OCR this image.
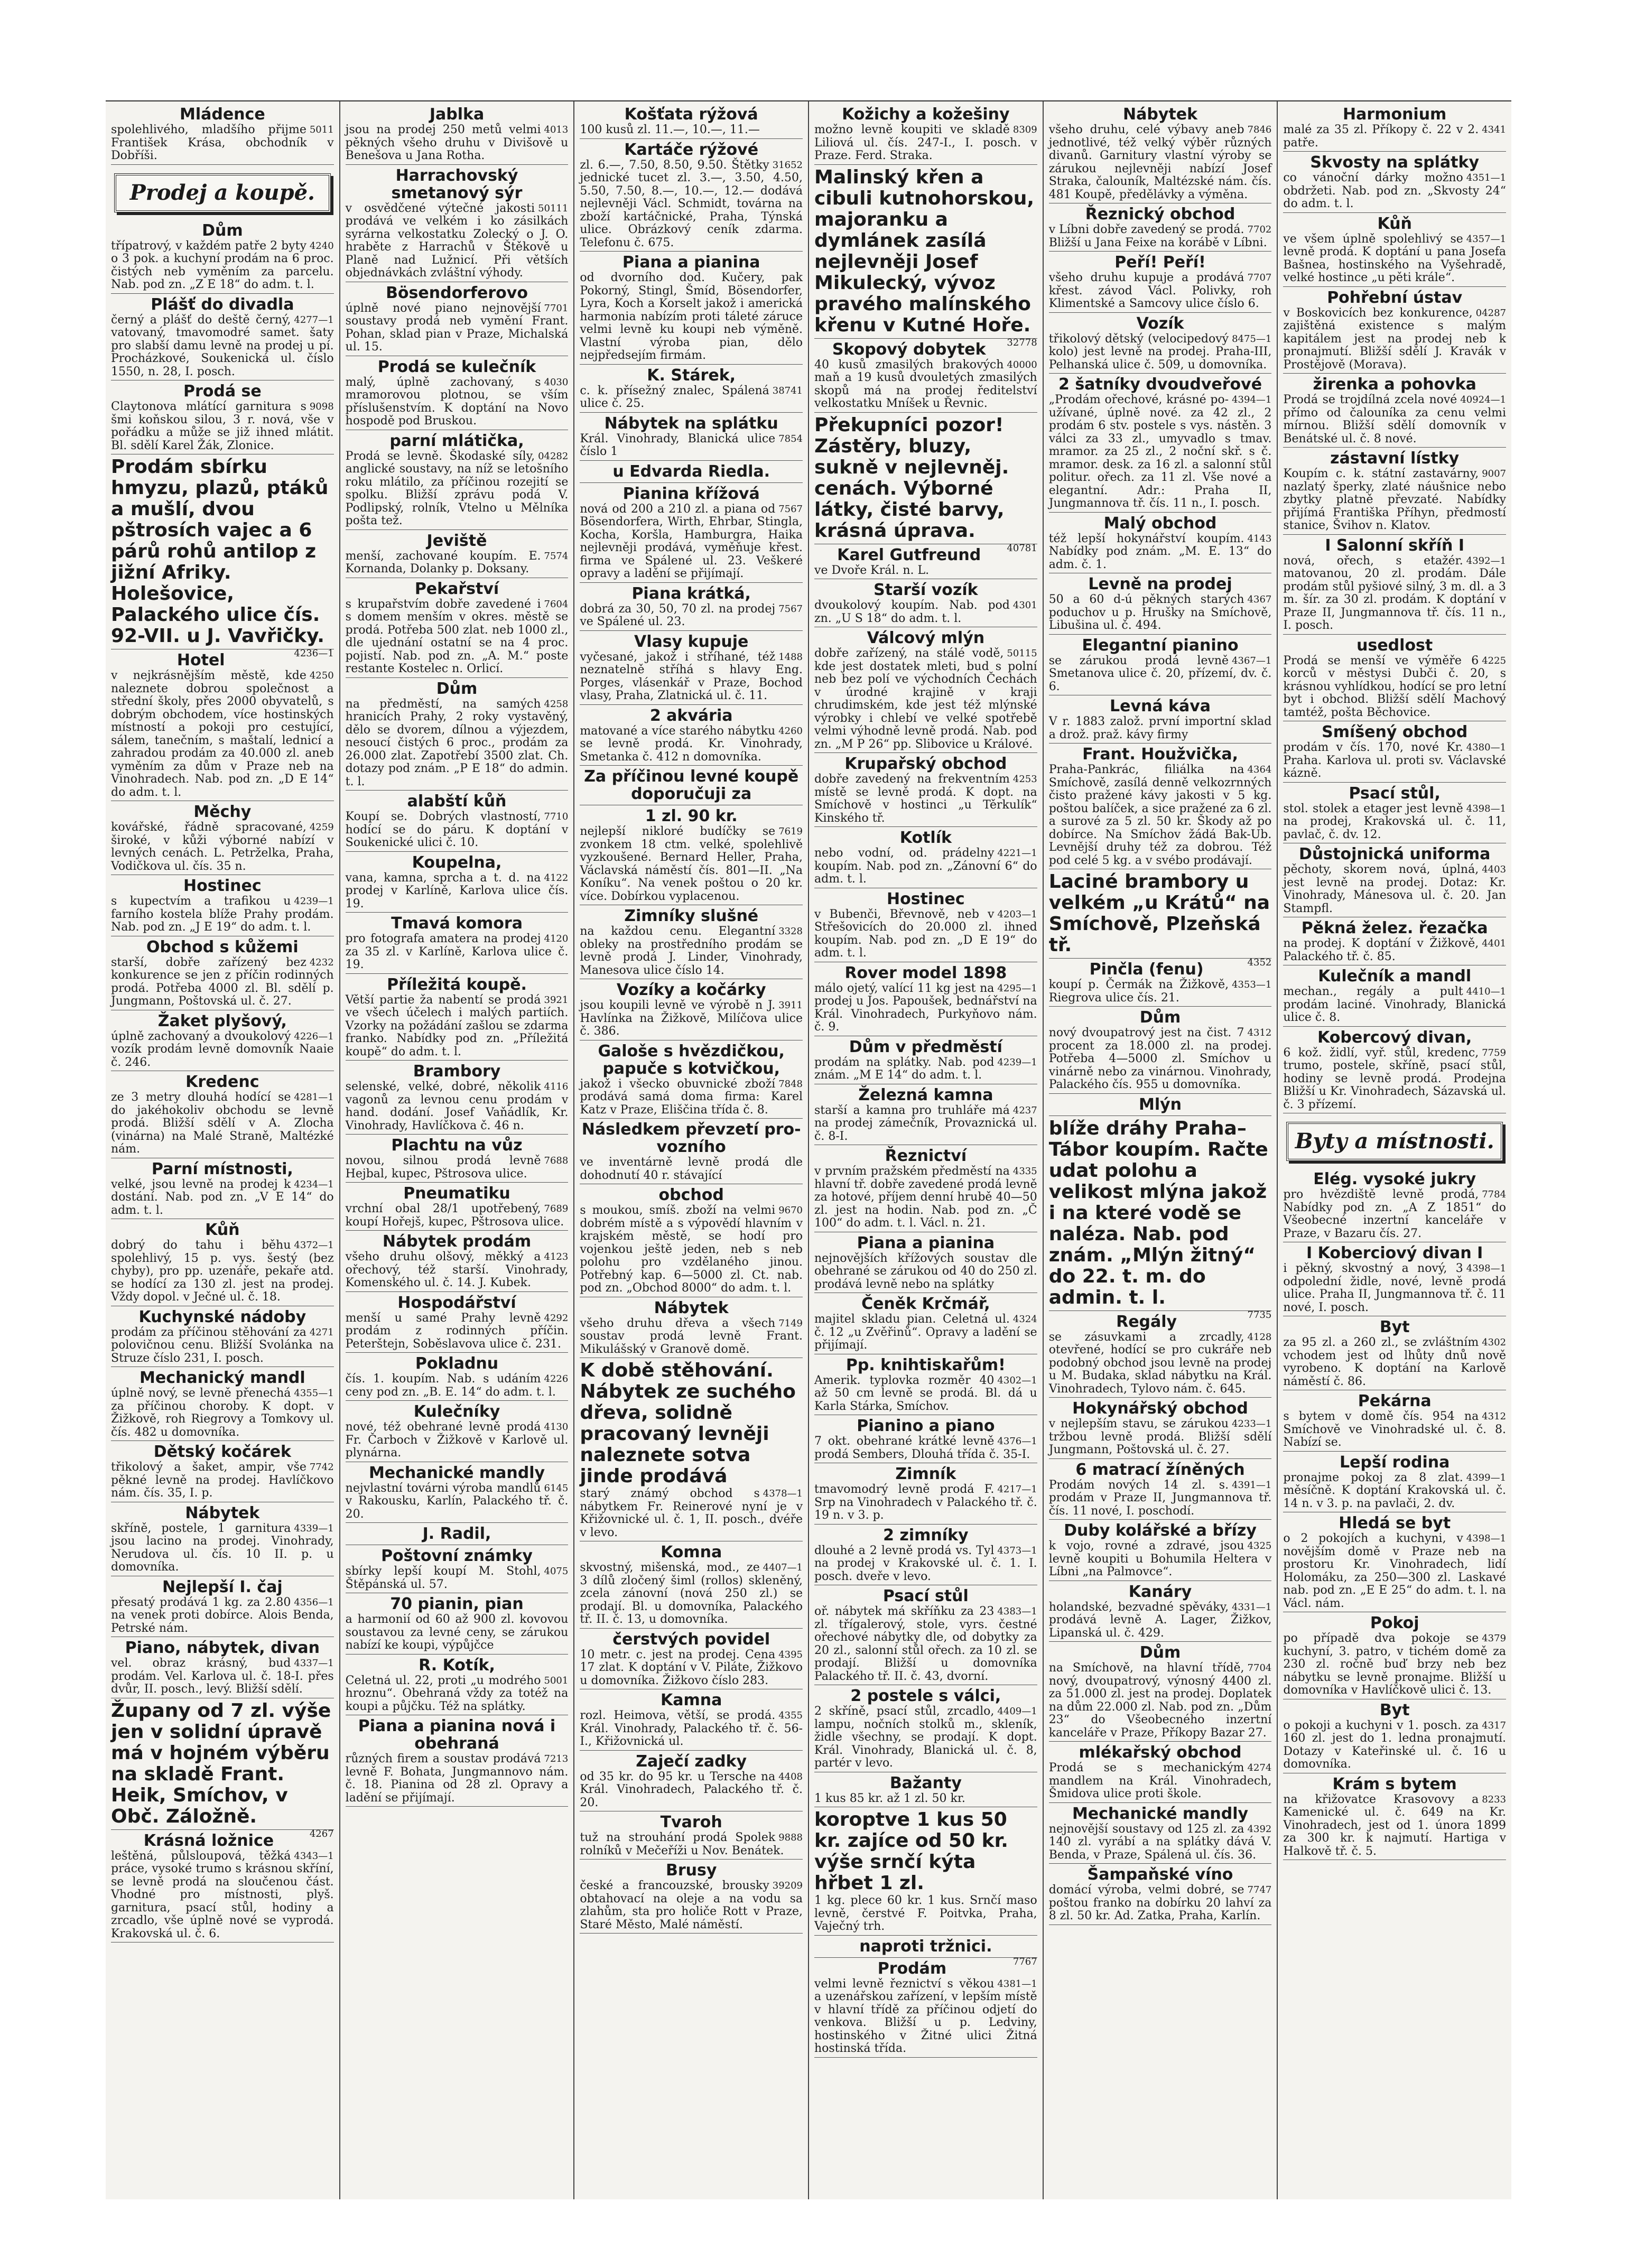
Mládence
5011
spolehlivého, mladšího přijme František Krása, obchodník v Dobříši.
Prodej a koupě.
Dům
4240
třípatrový, v každém patře 2 byty o 3 pok. a kuchyní prodám na 6 proc. čistých neb vyměním za parcelu. Nab. pod zn. „Z E 18“ do adm. t. l.
Plášť do divadla
4277—1
černý a plášť do deště černý, vatovaný, tmavomodré samet. šaty pro slabší damu levně na prodej u pí. Procházkové, Soukenická ul. číslo 1550, n. 28, I. posch.
Prodá se
9098
Claytonova mlátící garnitura s šmi koňskou silou, 3 r. nová, vše v pořádku a může se již ihned mlátit. Bl. sdělí Karel Žák, Zlonice.
Prodám sbírku hmyzu, plazů, ptáků a mušlí, dvou pštrosích vajec a 6 párů rohů antilop z jižní Afriky. Holešovice, Palackého ulice čís. 92-VII. u J. Vavřičky.
4236—1
Hotel
4250
v nejkrásnějším městě, kde naleznete dobrou společnost a střední školy, přes 2000 obyvatelů, s dobrým obchodem, více hostinských místností a pokoji pro cestující, sálem, tanečním, s maštalí, lednicí a zahradou prodám za 40.000 zl. aneb vyměním za dům v Praze neb na Vinohradech. Nab. pod zn. „D E 14“ do adm. t. l.
Měchy
4259
kovářské, řádně spracované, široké, v kůži výborné nabízí v levných cenách. L. Petrželka, Praha, Vodičkova ul. čís. 35 n.
Hostinec
4239—1
s kupectvím a trafikou u farního kostela blíže Prahy prodám. Nab. pod zn. „J E 19“ do adm. t. l.
Obchod s kůžemi
4232
starší, dobře zařízený bez konkurence se jen z příčin rodinných prodá. Potřeba 4000 zl. Bl. sdělí p. Jungmann, Poštovská ul. č. 27.
Žaket plyšový,
4226—1
úplně zachovaný a dvoukolový vozík prodám levně domovník Naaie č. 246.
Kredenc
4281—1
ze 3 metry dlouhá hodící se do jakéhokoliv obchodu se levně prodá. Bližší sdělí v A. Zlocha (vinárna) na Malé Straně, Maltézké nám.
Parní místnosti,
4234—1
velké, jsou levně na prodej k dostání. Nab. pod zn. „V E 14“ do adm. t. l.
Kůň
4372—1
dobrý do tahu i běhu spolehlivý, 15 p. vys. šestý (bez chyby), pro pp. uzenáře, pekaře atd. se hodící za 130 zl. jest na prodej. Vždy dopol. v Ječné ul. č. 18.
Kuchynské nádoby
4271
prodám za příčinou stěhování za polovičnou cenu. Bližší Svolánka na Struze číslo 231, I. posch.
Mechanický mandl
4355—1
úplně nový, se levně přenechá za příčinou choroby. K dopt. v Žižkově, roh Riegrovy a Tomkovy ul. čís. 482 u domovníka.
Dětský kočárek
7742
třikolový a šaket, ampir, vše pěkné levně na prodej. Havlíčkovo nám. čís. 35, I. p.
Nábytek
4339—1
skříně, postele, 1 garnitura jsou lacino na prodej. Vinohrady, Nerudova ul. čís. 10 II. p. u domovníka.
Nejlepší I. čaj
4356—1
přesatý prodává 1 kg. za 2.80 na venek proti dobírce. Alois Benda, Petrské nám.
Piano, nábytek, divan
4337—1
vel. obraz krásný, bud prodám. Vel. Karlova ul. č. 18-I. přes dvůr, II. posch., levý. Bližší sdělí.
Župany od 7 zl. výše jen v solidní úpravě má v hojném výběru na skladě Frant. Heik, Smíchov, v Obč. Záložně.
4267
Krásná ložnice
4343—1
leštěná, půlsloupová, těžká práce, vysoké trumo s krásnou skříní, se levně prodá na sloučenou část. Vhodné pro místnosti, plyš. garnitura, psací stůl, hodiny a zrcadlo, vše úplně nové se vyprodá. Krakovská ul. č. 6.
Jablka
4013
jsou na prodej 250 metů velmi pěkných všeho druhu v Divišově u Benešova u Jana Rotha.
Harrachovský smetanový sýr
50111
v osvědčené výtečné jakosti prodává ve velkém i ko zásilkách syrárna velkostatku Zolecký o J. O. hraběte z Harrachů v Štěkově u Planě nad Lužnicí. Při větších objednávkách zvláštní výhody.
Bösendorferovo
7701
úplně nové piano nejnovější soustavy prodá neb vymění Frant. Pohan, sklad pian v Praze, Michalská ul. 15.
Prodá se kulečník
4030
malý, úplně zachovaný, s mramorovou plotnou, se vším příslušenstvím. K doptání na Novo hospodě pod Bruskou.
parní mlátička,
04282
Prodá se levně. Škodaské síly, anglické soustavy, na níž se letošního roku mlátilo, za příčinou rozejití se spolku. Bližší zprávu podá V. Podlipský, rolník, Vtelno u Mělníka pošta tež.
Jeviště
7574
menší, zachované koupím. E. Kornanda, Dolanky p. Doksany.
Pekařství
7604
s krupařstvím dobře zavedené i s domem menším v okres. městě se prodá. Potřeba 500 zlat. neb 1000 zl., dle ujednání ostatní se na 4 proc. pojistí. Nab. pod zn. „A. M.“ poste restante Kostelec n. Orlicí.
Dům
4258
na předměstí, na samých hranicích Prahy, 2 roky vystavěný, dělo se dvorem, dílnou a výjezdem, nesoucí čistých 6 proc., prodám za 26.000 zlat. Zapotřebí 3500 zlat. Ch. dotazy pod znám. „P E 18“ do admin. t. l.
alabští kůň
7710
Koupí se. Dobrých vlastností, hodící se do páru. K doptání v Soukenické ulici č. 10.
Koupelna,
4122
vana, kamna, sprcha a t. d. na prodej v Karlíně, Karlova ulice čís. 19.
Tmavá komora
4120
pro fotografa amatera na prodej za 35 zl. v Karlíně, Karlova ulice č. 19.
Příležitá koupě.
3921
Větší partie ža nabentí se prodá ve všech účelech i malých partiích. Vzorky na požádání zašlou se zdarma franko. Nabídky pod zn. „Příležitá koupě“ do adm. t. l.
Brambory
4116
selenské, velké, dobré, několik vagonů za levnou cenu prodám v hand. dodání. Josef Vaňádlík, Kr. Vinohrady, Havlíčkova č. 46 n.
Plachtu na vůz
7688
novou, silnou prodá levně Hejbal, kupec, Pštrosova ulice.
Pneumatiku
7689
vrchní obal 28/1 upotřebený, koupí Hořejš, kupec, Pštrosova ulice.
Nábytek prodám
4123
všeho druhu olšový, měkký a ořechový, též starší. Vinohrady, Komenského ul. č. 14. J. Kubek.
Hospodářství
4292
menší u samé Prahy levně prodám z rodinných příčin. Peterštejn, Soběslavova ulice č. 231.
Pokladnu
4226
čís. 1. koupím. Nab. s udáním ceny pod zn. „B. E. 14“ do adm. t. l.
Kulečníky
4130
nové, též obehrané levně prodá Fr. Čarboch v Žižkově v Karlově ul. plynárna.
Mechanické mandly
6145
nejvlastní továrni výroba mandlů v Rakousku, Karlín, Palackého tř. č. 20.
J. Radil,
Poštovní známky
4075
sbírky lepší koupí M. Stohl, Štěpánská ul. 57.
70 pianin, pian
a harmonií od 60 až 900 zl. kovovou soustavou za levné ceny, se zárukou nabízí ke koupi, výpůjčce
R. Kotík,
5001
Celetná ul. 22, proti „u modrého hroznu“. Obehraná vždy za totéž na koupi a půjčku. Též na splátky.
Piana a pianina nová i obehraná
7213
různých firem a soustav prodává levně F. Bohata, Jungmannovo nám. č. 18. Pianina od 28 zl. Opravy a ladění se přijímají.
Košťata rýžová
100 kusů zl. 11.—, 10.—, 11.—
Kartáče rýžové
31652
zl. 6.—, 7.50, 8.50, 9.50. Štětky jednické tucet zl. 3.—, 3.50, 4.50, 5.50, 7.50, 8.—, 10.—, 12.— dodává nejlevněji Václ. Schmidt, továrna na zboží kartáčnické, Praha, Týnská ulice. Obrázkový ceník zdarma. Telefonu č. 675.
Piana a pianina
od dvorního dod. Kučery, pak Pokorný, Stingl, Šmíd, Bösendorfer, Lyra, Koch a Korselt jakož i americká harmonia nabízím proti táleté záruce velmi levně ku koupi neb výměně. Vlastní výroba pian, dělo nejpředsejím firmám.
K. Stárek,
38741
c. k. přísežný znalec, Spálená ulice č. 25.
Nábytek na splátku
7854
Král. Vinohrady, Blanická ulice číslo 1
u Edvarda Riedla.
Pianina křížová
7567
nová od 200 a 210 zl. a piana od Bösendorfera, Wirth, Ehrbar, Stingla, Kocha, Koršla, Hamburgra, Haika nejlevněji prodává, vyměňuje křest. firma ve Spálené ul. 23. Veškeré opravy a ladění se přijímají.
Piana krátká,
7567
dobrá za 30, 50, 70 zl. na prodej ve Spálené ul. 23.
Vlasy kupuje
1488
vyčesané, jakož i stříhané, též neznatelně stříhá s hlavy Eng. Porges, vlásenkář v Praze, Bochod vlasy, Praha, Zlatnická ul. č. 11.
2 akvária
4260
matované a více starého nábytku se levně prodá. Kr. Vinohrady, Smetanka č. 412 n domovníka.
Za příčinou levné koupě doporučuji za
1 zl. 90 kr.
7619
nejlepší nikloré budíčky se zvonkem 18 ctm. velké, spolehlivě vyzkoušené. Bernard Heller, Praha, Václavská náměstí čís. 801—II. „Na Koníku“. Na venek poštou o 20 kr. více. Dobírkou vyplacenou.
Zimníky slušné
3328
na každou cenu. Elegantní obleky na prostředního prodám se levně prodá J. Linder, Vinohrady, Manesova ulice číslo 14.
Vozíky a kočárky
3911
jsou koupili levně ve výrobě n J. Havlínka na Žižkově, Milíčova ulice č. 386.
Galoše s hvězdičkou, papuče s kotvičkou,
7848
jakož i všecko obuvnické zboží prodává samá doma firma: Karel Katz v Praze, Eliščina třída č. 8.
Následkem převzetí provozního
ve inventárně levně prodá dle dohodnutí 40 r. stávající
obchod
9670
s moukou, smíš. zboží na velmi dobrém místě a s výpovědí hlavním v krajském městě, se hodí pro vojenkou ještě jeden, neb s neb polohu pro vzdělaného jinou. Potřebný kap. 6—5000 zl. Ct. nab. pod zn. „Obchod 8000“ do adm. t. l.
Nábytek
7149
všeho druhu dřeva a všech soustav prodá levně Frant. Mikulášský v Granově domě.
K době stěhování. Nábytek ze suchého dřeva, solidně pracovaný levněji naleznete sotva jinde prodává
4378—1
starý známý obchod s nábytkem Fr. Reinerové nyní je v Křižovnické ul. č. 1, II. posch., dvéře v levo.
Komna
4407—1
skvostný, mišenská, mod., ze 3 dílů zločený šiml (rollos) skleněný, zcela zánovní (nová 250 zl.) se prodají. Bl. u domovníka, Palackého tř. II. č. 13, u domovníka.
čerstvých povidel
4395
10 metr. c. jest na prodej. Cena 17 zlat. K doptání v V. Piláte, Žižkovo u domovníka. Žižkovo číslo 283.
Kamna
4355
rozl. Heimova, větší, se prodá. Král. Vinohrady, Palackého tř. č. 56-I., Křižovnická ul.
Zaječí zadky
4408
od 35 kr. do 95 kr. u Tersche na Král. Vinohradech, Palackého tř. č. 20.
Tvaroh
9888
tuž na strouhání prodá Spolek rolníků v Mečeříži u Nov. Benátek.
Brusy
39209
české a francouzské, brousky obtahovací na oleje a na vodu sa zlahům, sta pro holiče Rott v Praze, Staré Město, Malé náměstí.
Kožichy a kožešiny
8309
možno levně koupiti ve skladě Liliová ul. čís. 247-I., I. posch. v Praze. Ferd. Straka.
Malinský křen a cibuli kutnohorskou, majoranku a dymlánek zasílá nejlevněji Josef Mikulecký, vývoz pravého malínského křenu v Kutné Hoře.
32778
Skopový dobytek
40000
40 kusů zmasilých brakových maň a 19 kusů dvouletých zmasilých skopů má na prodej ředitelství velkostatku Mníšek u Řevnic.
Překupníci pozor! Zástěry, bluzy, sukně v nejlevněj. cenách. Výborné látky, čisté barvy, krásná úprava.
40781
Karel Gutfreund
ve Dvoře Král. n. L.
Starší vozík
4301
dvoukolový koupím. Nab. pod zn. „U S 18“ do adm. t. l.
Válcový mlýn
50115
dobře zařízený, na stálé vodě, kde jest dostatek mleti, bud s polní neb bez polí ve východních Čechách v úrodné krajině v kraji chrudimském, kde jest též mlýnské výrobky i chlebí ve velké spotřebě velmi výhodně levně prodá. Nab. pod zn. „M P 26“ pp. Slibovice u Králové.
Krupařský obchod
4253
dobře zavedený na frekventním místě se levně prodá. K dopt. na Smíchově v hostinci „u Těrkulík“ Kinského tř.
Kotlík
4221—1
nebo vodní, od. prádelny koupím. Nab. pod zn. „Zánovní 6“ do adm. t. l.
Hostinec
4203—1
v Bubenči, Břevnově, neb v Střešovicích do 20.000 zl. ihned koupím. Nab. pod zn. „D E 19“ do adm. t. l.
Rover model 1898
4295—1
málo ojetý, valící 11 kg jest na prodej u Jos. Papoušek, bednářství na Král. Vinohradech, Purkyňovo nám. č. 9.
Dům v předměstí
4239—1
prodám na splátky. Nab. pod znám. „M E 14“ do adm. t. l.
Železná kamna
4237
starší a kamna pro truhláře má na prodej zámečník, Provaznická ul. č. 8-I.
Řeznictví
4335
v prvním pražském předměstí na hlavní tř. dobře zavedené prodá levně za hotové, příjem denní hrubě 40—50 zl. jest na hodin. Nab. pod zn. „Č 100“ do adm. t. l. Václ. n. 21.
Piana a pianina
nejnovějších křížových soustav dle obehrané se zárukou od 40 do 250 zl. prodává levně nebo na splátky
Čeněk Krčmář,
4324
majitel skladu pian. Celetná ul. č. 12 „u Zvěřinů“. Opravy a ladění se přijímají.
Pp. knihtiskařům!
4302—1
Amerik. typlovka rozměr 40 až 50 cm levně se prodá. Bl. dá u Karla Stárka, Smíchov.
Pianino a piano
4376—1
7 okt. obehrané krátké levně prodá Sembers, Dlouhá třída č. 35-I.
Zimník
4217—1
tmavomodrý levně prodá F. Srp na Vinohradech v Palackého tř. č. 19 n. v 3. p.
2 zimníky
4373—1
dlouhé a 2 levně prodá vs. Tyl na prodej v Krakovské ul. č. 1. I. posch. dveře v levo.
Psací stůl
4383—1
oř. nábytek má skříňku za 23 zl. třígalerový, stole, vyrs. čestné ořechové nábytky dle, od dobytky za 20 zl., salonní stůl ořech. za 10 zl. se prodají. Bližší u domovníka Palackého tř. II. č. 43, dvorní.
2 postele s válci,
4409—1
2 skříně, psací stůl, zrcadlo, lampu, nočních stolků m., skleník, židle všechny, se prodají. K dopt. Král. Vinohrady, Blanická ul. č. 8, partér v levo.
Bažanty
1 kus 85 kr. až 1 zl. 50 kr.
koroptve 1 kus 50 kr. zajíce od 50 kr. výše srnčí kýta hřbet 1 zl.
1 kg. plece 60 kr. 1 kus. Srnčí maso levně, čerstvé F. Poitvka, Praha, Vaječný trh.
naproti tržnici.
7767
Prodám
4381—1
velmi levně řeznictví s věkou a uzenářskou zařízení, v lepším místě v hlavní třídě za příčinou odjetí do venkova. Bližší u p. Ledviny, hostinského v Žitné ulici Žitná hostinská třída.
Nábytek
7846
všeho druhu, celé výbavy aneb jednotlivé, též velký výběr různých divanů. Garnitury vlastní výroby se zárukou nejlevněji nabízí Josef Straka, čalouník, Maltézské nám. čís. 481 Koupě, předělávky a výměna.
Řeznický obchod
7702
v Líbni dobře zavedený se prodá. Bližší u Jana Feixe na korábě v Líbni.
Peří! Peří!
7707
všeho druhu kupuje a prodává křest. závod Václ. Polivky, roh Klimentské a Samcovy ulice číslo 6.
Vozík
8475—1
třikolový dětský (velocipedový kolo) jest levně na prodej. Praha-III, Pelhanská ulice č. 509, u domovníka.
2 šatníky dvoudveřové
4394—1
„Prodám ořechové, krásné používané, úplně nové. za 42 zl., 2 prodám 6 stv. postele s vys. nástěn. 3 válci za 33 zl., umyvadlo s tmav. mramor. za 25 zl., 2 noční skř. s č. mramor. desk. za 16 zl. a salonní stůl politur. ořech. za 11 zl. Vše nové a elegantní. Adr.: Praha II, Jungmannova tř. čís. 11 n., I. posch.
Malý obchod
4143
též lepší hokynářství koupím. Nabídky pod znám. „M. E. 13“ do adm. č. 1.
Levně na prodej
4367
50 a 60 d-ú pěkných starých poduchov u p. Hrušky na Smíchově, Libušina ul. č. 494.
Elegantní pianino
4367—1
se zárukou prodá levně Smetanova ulice č. 20, přízemí, dv. č. 6.
Levná káva
V r. 1883 založ. první importní sklad a drož. praž. kávy firmy
Frant. Houžvička,
4364
Praha-Pankrác, filiálka na Smíchově, zasílá denně velkozrnných čisto pražené kávy jakosti v 5 kg. poštou balíček, a sice pražené za 6 zl. a surové za 5 zl. 50 kr. Škody až po dobírce. Na Smíchov žádá Bak-Ub. Levnější druhy též za dobrou. Též pod celé 5 kg. a v svébo prodávají.
Laciné brambory u velkém „u Krátů“ na Smíchově, Plzeňská tř.
4352
Pinčla (fenu)
4353—1
koupí p. Čermák na Žižkově, Riegrova ulice čís. 21.
Dům
4312
nový dvoupatrový jest na čist. 7 procent za 18.000 zl. na prodej. Potřeba 4—5000 zl. Smíchov u vinárně nebo za vinárnou. Vinohrady, Palackého čís. 955 u domovníka.
Mlýn
blíže dráhy Praha–Tábor koupím. Račte udat polohu a velikost mlýna jakož i na které vodě se naléza. Nab. pod znám. „Mlýn žitný“ do 22. t. m. do admin. t. l.
7735
Regály
4128
se zásuvkami a zrcadly, otevřené, hodící se pro cukráře neb podobný obchod jsou levně na prodej u M. Budaka, sklad nábytku na Král. Vinohradech, Tylovo nám. č. 645.
Hokynářský obchod
4233—1
v nejlepším stavu, se zárukou tržbou levně prodá. Bližší sdělí Jungmann, Poštovská ul. č. 27.
6 matrací žíněných
4391—1
Prodám nových 14 zl. s. prodám v Praze II, Jungmannova tř. čís. 11 nové, I. poschodí.
Duby kolářské a břízy
4325
k vojo, rovné a zdravé, jsou levně koupiti u Bohumila Heltera v Líbni „na Palmovce“.
Kanáry
4331—1
holandské, bezvadné spěváky, prodává levně A. Lager, Žižkov, Lipanská ul. č. 429.
Dům
7704
na Smíchově, na hlavní třídě, nový, dvoupatrový, výnosný 4400 zl. za 51.000 zl. jest na prodej. Doplatek na dům 22.000 zl. Nab. pod zn. „Dům 23“ do Všeobecného inzertní kanceláře v Praze, Příkopy Bazar 27.
mlékařský obchod
4274
Prodá se s mechanickým mandlem na Král. Vinohradech, Šmidova ulice proti škole.
Mechanické mandly
4392
nejnovější soustavy od 125 zl. za 140 zl. vyrábí a na splátky dává V. Benda, v Praze, Spálená ul. čís. 36.
Šampaňské víno
7747
domácí výroba, velmi dobré, se poštou franko na dobírku 20 lahví za 8 zl. 50 kr. Ad. Zatka, Praha, Karlín.
Harmonium
4341
malé za 35 zl. Příkopy č. 22 v 2. patře.
Skvosty na splátky
4351—1
co vánoční dárky možno obdržeti. Nab. pod zn. „Skvosty 24“ do adm. t. l.
Kůň
4357—1
ve všem úplně spolehlivý se levně prodá. K doptání u pana Josefa Bašnea, hostinského na Vyšehradě, velké hostince „u pěti krále“.
Pohřební ústav
04287
v Boskovicích bez konkurence, zajištěná existence s malým kapitálem jest na prodej neb k pronajmutí. Bližší sdělí J. Kravák v Prostějově (Morava).
žirenka a pohovka
40924—1
Prodá se trojdílná zcela nové přímo od čalouníka za cenu velmi mírnou. Bližší sdělí domovník v Benátské ul. č. 8 nové.
zástavní lístky
9007
Koupím c. k. státní zastavárny, nazlatý šperky, zlaté náušnice nebo zbytky platně převzaté. Nabídky přijímá Františka Příhyn, předmostí stanice, Švihov n. Klatov.
I Salonní skříň I
4392—1
nová, ořech, s etažér. matovanou, 20 zl. prodám. Dále prodám stůl pyšiové silný, 3 m. dl. a 3 m. šír. za 30 zl. prodám. K doptání v Praze II, Jungmannova tř. čís. 11 n., I. posch.
usedlost
4225
Prodá se menší ve výměře 6 korců v městysi Dubči č. 20, s krásnou vyhlídkou, hodící se pro letní byt i obchod. Bližší sdělí Machový tamtéž, pošta Běchovice.
Smíšený obchod
4380—1
prodám v čís. 170, nové Kr. Praha. Karlova ul. proti sv. Václavské kázně.
Psací stůl,
4398—1
stol. stolek a etager jest levně na prodej, Krakovská ul. č. 11, pavlač, č. dv. 12.
Důstojnická uniforma
4403
pěchoty, skorem nová, úplná, jest levně na prodej. Dotaz: Kr. Vinohrady, Mánesova ul. č. 20. Jan Stampfl.
Pěkná želez. řezačka
4401
na prodej. K doptání v Žižkově, Palackého tř. č. 85.
Kulečník a mandl
4410—1
mechan., regály a pult prodám laciné. Vinohrady, Blanická ulice č. 8.
Kobercový divan,
7759
6 kož. židlí, vyř. stůl, kredenc, trumo, postele, skříně, psací stůl, hodiny se levně prodá. Prodejna Bližší u Kr. Vinohradech, Sázavská ul. č. 3 přízemí.
Byty a místnosti.
Elég. vysoké jukry
7784
pro hvězdiště levně prodá, Nabídky pod zn. „A Z 1851“ do Všeobecné inzertní kanceláře v Praze, v Bazaru čís. 27.
I Koberciový divan I
4398—1
i pěkný, skvostný a nový, 3 odpolední židle, nové, levně prodá ulice. Praha II, Jungmannova tř. č. 11 nové, I. posch.
Byt
4302
za 95 zl. a 260 zl., se zvláštním vchodem jest od lhůty dnů nově vyrobeno. K doptání na Karlově náměstí č. 86.
Pekárna
4312
s bytem v domě čís. 954 na Smíchově ve Vinohradské ul. č. 8. Nabízí se.
Lepší rodina
4399—1
pronajme pokoj za 8 zlat. měsíčně. K doptání Krakovská ul. č. 14 n. v 3. p. na pavlači, 2. dv.
Hledá se byt
4398—1
o 2 pokojích a kuchyni, v novějším domě v Praze neb na prostoru Kr. Vinohradech, lidí Holomáku, za 250—300 zl. Laskavé nab. pod zn. „E E 25“ do adm. t. l. na Václ. nám.
Pokoj
4379
po případě dva pokoje se kuchyní, 3. patro, v tichém domě za 230 zl. ročně buď brzy neb bez nábytku se levně pronajme. Bližší u domovníka v Havlíčkově ulici č. 13.
Byt
4317
o pokoji a kuchyni v 1. posch. za 160 zl. jest do 1. ledna pronajmutí. Dotazy v Kateřinské ul. č. 16 u domovníka.
Krám s bytem
8233
na křižovatce Krasovovy a Kamenické ul. č. 649 na Kr. Vinohradech, jest od 1. února 1899 za 300 kr. k najmutí. Hartiga v Halkově tř. č. 5.
